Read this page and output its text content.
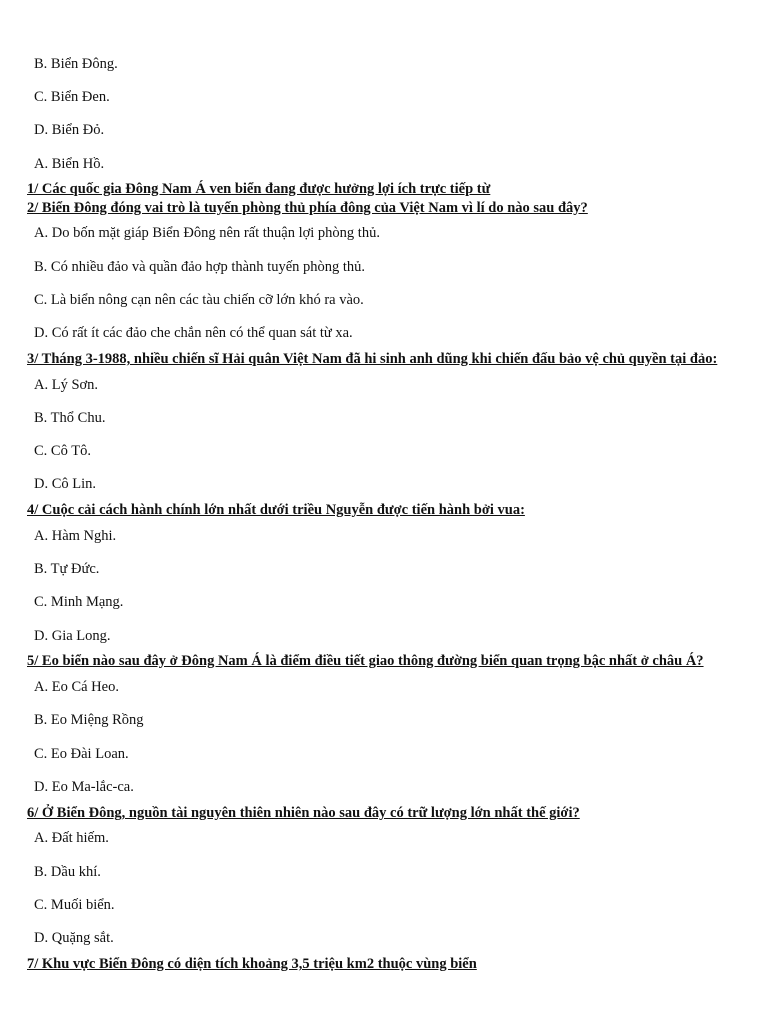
B. Biển Đông.
C. Biển Đen.
D. Biển Đỏ.
A. Biển Hồ.
1/ Các quốc gia Đông Nam Á ven biển đang được hưởng lợi ích trực tiếp từ
2/ Biển Đông đóng vai trò là tuyến phòng thủ phía đông của Việt Nam vì lí do nào sau đây?
A. Do bốn mặt giáp Biển Đông nên rất thuận lợi phòng thủ.
B. Có nhiều đảo và quần đảo hợp thành tuyến phòng thủ.
C. Là biển nông cạn nên các tàu chiến cỡ lớn khó ra vào.
D. Có rất ít các đảo che chắn nên có thể quan sát từ xa.
3/ Tháng 3-1988, nhiều chiến sĩ Hải quân Việt Nam đã hi sinh anh dũng khi chiến đấu bảo vệ chủ quyền tại đảo:
A. Lý Sơn.
B. Thổ Chu.
C. Cô Tô.
D. Cô Lin.
4/ Cuộc cải cách hành chính lớn nhất dưới triều Nguyễn được tiến hành bởi vua:
A. Hàm Nghi.
B. Tự Đức.
C. Minh Mạng.
D. Gia Long.
5/ Eo biển nào sau đây ở Đông Nam Á là điểm điều tiết giao thông đường biển quan trọng bậc nhất ở châu Á?
A. Eo Cá Heo.
B. Eo Miệng Rồng
C. Eo Đài Loan.
D. Eo Ma-lắc-ca.
6/ Ở Biển Đông, nguồn tài nguyên thiên nhiên nào sau đây có trữ lượng lớn nhất thế giới?
A. Đất hiếm.
B. Dầu khí.
C. Muối biển.
D. Quặng sắt.
7/ Khu vực Biển Đông có diện tích khoảng 3,5 triệu km2 thuộc vùng biển
